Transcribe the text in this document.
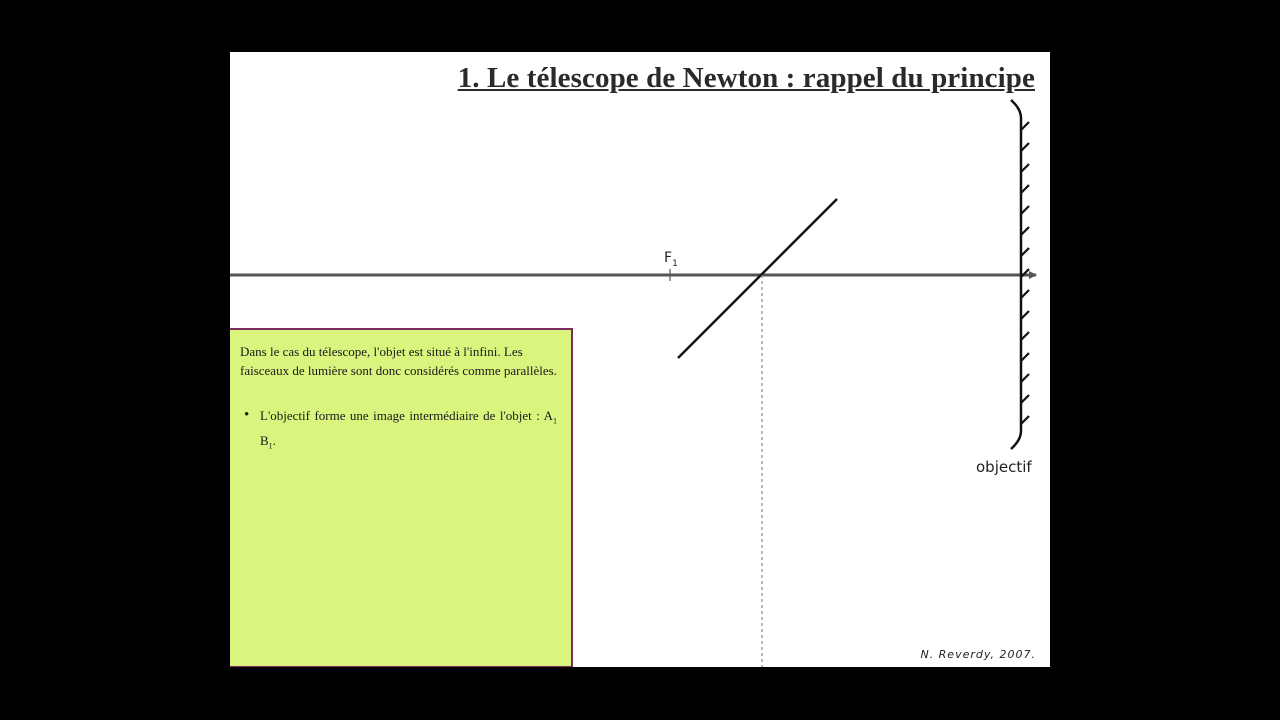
1. Le télescope de Newton : rappel du principe
$F_1$
objectif

Dans le cas du télescope, l'objet est situé à l'infini. Les faisceaux de lumière sont donc considérés comme parallèles.

• L'objectif forme une image intermédiaire de l'objet : $A_1$ $B_1$.
N. Reverdy, 2007.
